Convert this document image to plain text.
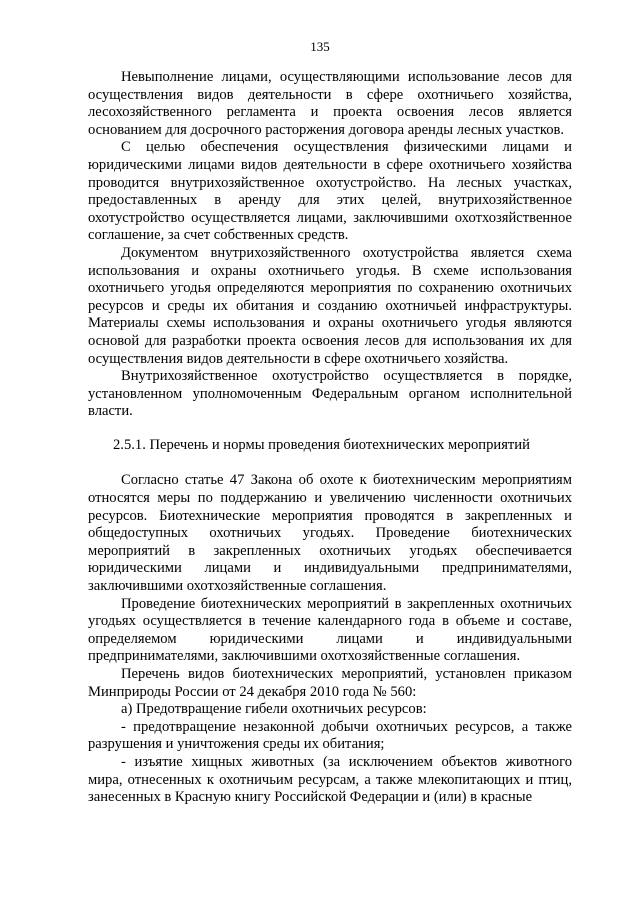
135

Невыполнение лицами, осуществляющими использование лесов для осуществления видов деятельности в сфере охотничьего хозяйства, лесохозяйственного регламента и проекта освоения лесов является основанием для досрочного расторжения договора аренды лесных участков.

С целью обеспечения осуществления физическими лицами и юридическими лицами видов деятельности в сфере охотничьего хозяйства проводится внутрихозяйственное охотустройство. На лесных участках, предоставленных в аренду для этих целей, внутрихозяйственное охотустройство осуществляется лицами, заключившими охотхозяйственное соглашение, за счет собственных средств.

Документом внутрихозяйственного охотустройства является схема использования и охраны охотничьего угодья. В схеме использования охотничьего угодья определяются мероприятия по сохранению охотничьих ресурсов и среды их обитания и созданию охотничьей инфраструктуры. Материалы схемы использования и охраны охотничьего угодья являются основой для разработки проекта освоения лесов для использования их для осуществления видов деятельности в сфере охотничьего хозяйства.

Внутрихозяйственное охотустройство осуществляется в порядке, установленном уполномоченным Федеральным органом исполнительной власти.

2.5.1. Перечень и нормы проведения биотехнических мероприятий

Согласно статье 47 Закона об охоте к биотехническим мероприятиям относятся меры по поддержанию и увеличению численности охотничьих ресурсов. Биотехнические мероприятия проводятся в закрепленных и общедоступных охотничьих угодьях. Проведение биотехнических мероприятий в закрепленных охотничьих угодьях обеспечивается юридическими лицами и индивидуальными предпринимателями, заключившими охотхозяйственные соглашения.

Проведение биотехнических мероприятий в закрепленных охотничьих угодьях осуществляется в течение календарного года в объеме и составе, определяемом юридическими лицами и индивидуальными предпринимателями, заключившими охотхозяйственные соглашения.

Перечень видов биотехнических мероприятий, установлен приказом Минприроды России от 24 декабря 2010 года № 560:

а) Предотвращение гибели охотничьих ресурсов:

- предотвращение незаконной добычи охотничьих ресурсов, а также разрушения и уничтожения среды их обитания;

- изъятие хищных животных (за исключением объектов животного мира, отнесенных к охотничьим ресурсам, а также млекопитающих и птиц, занесенных в Красную книгу Российской Федерации и (или) в красные
